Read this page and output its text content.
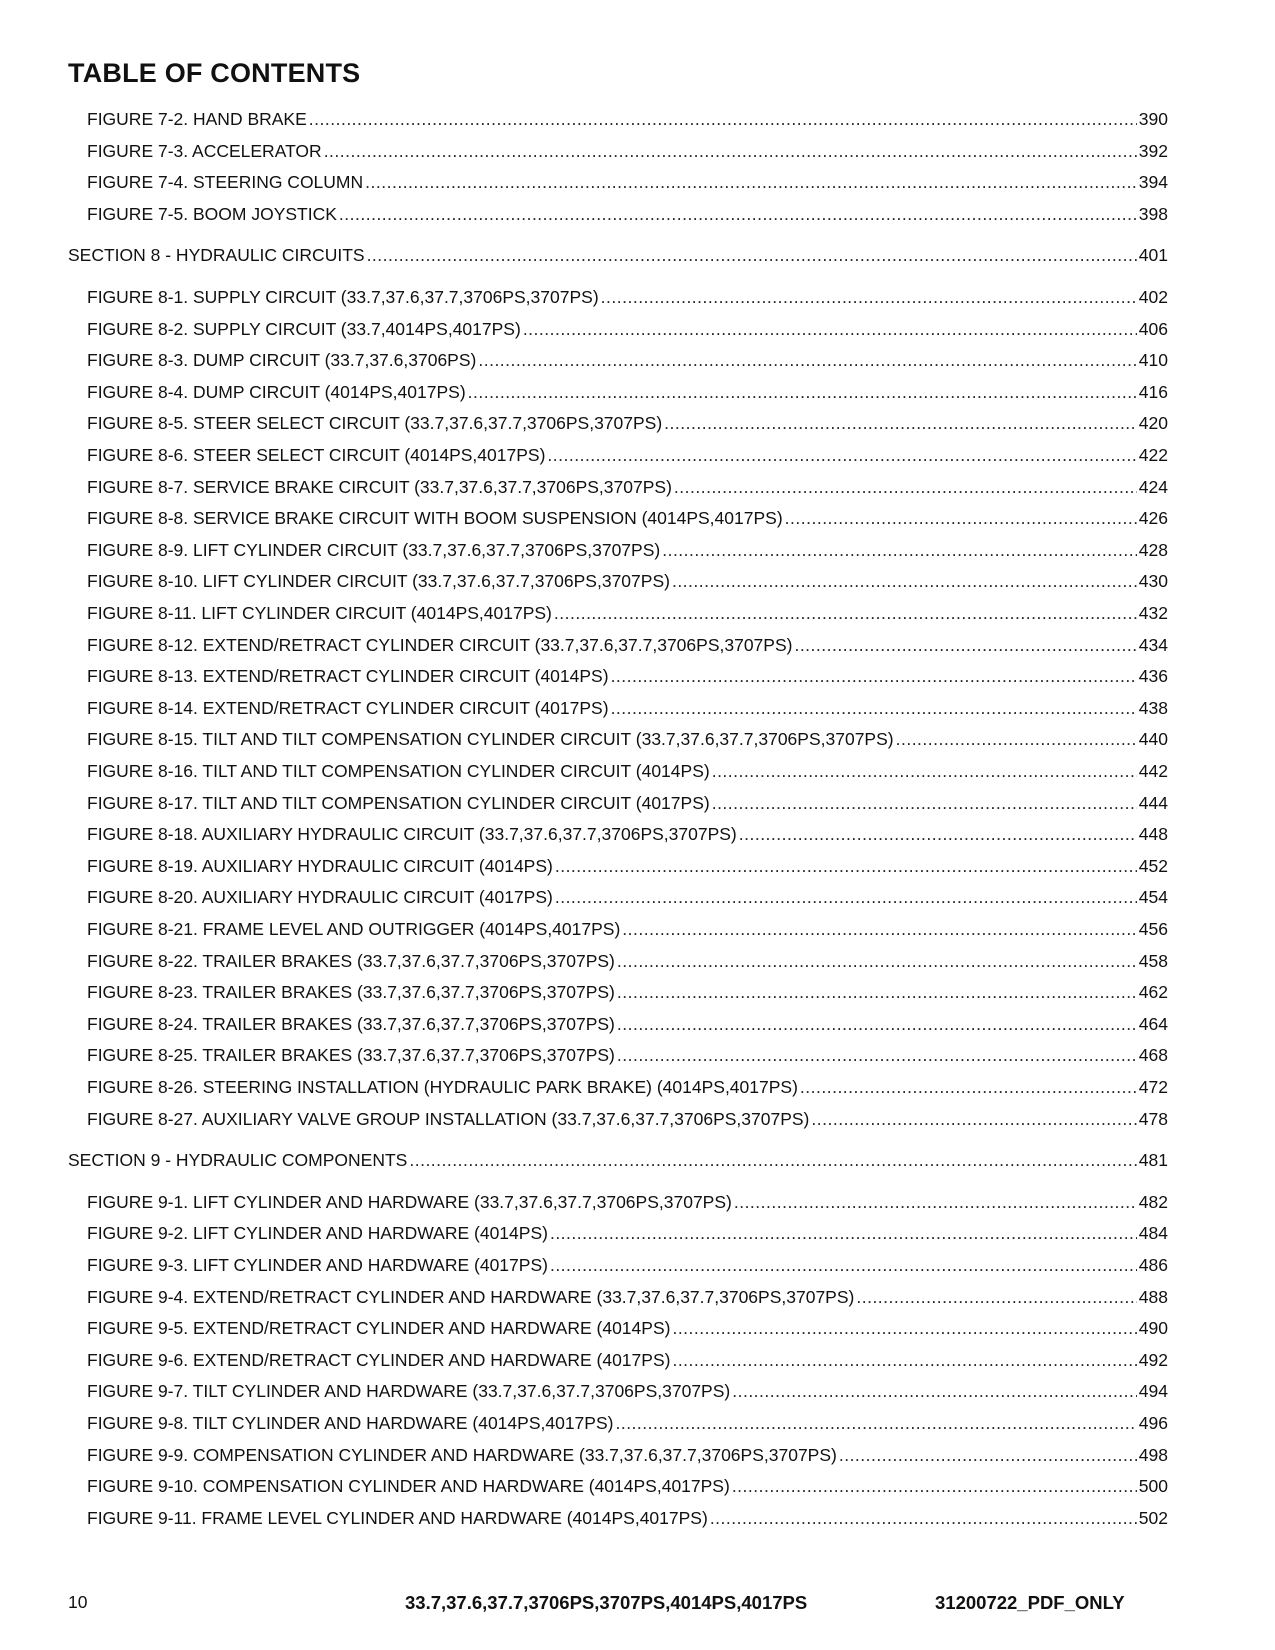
TABLE OF CONTENTS
FIGURE 7-2. HAND BRAKE .....	390
FIGURE 7-3. ACCELERATOR .....	392
FIGURE 7-4. STEERING COLUMN .....	394
FIGURE 7-5. BOOM JOYSTICK .....	398
SECTION 8 - HYDRAULIC CIRCUITS .....	401
FIGURE 8-1. SUPPLY CIRCUIT (33.7,37.6,37.7,3706PS,3707PS) .....	402
FIGURE 8-2. SUPPLY CIRCUIT (33.7,4014PS,4017PS) .....	406
FIGURE 8-3. DUMP CIRCUIT (33.7,37.6,3706PS) .....	410
FIGURE 8-4. DUMP CIRCUIT (4014PS,4017PS) .....	416
FIGURE 8-5. STEER SELECT CIRCUIT (33.7,37.6,37.7,3706PS,3707PS) .....	420
FIGURE 8-6. STEER SELECT CIRCUIT (4014PS,4017PS) .....	422
FIGURE 8-7. SERVICE BRAKE CIRCUIT (33.7,37.6,37.7,3706PS,3707PS) .....	424
FIGURE 8-8. SERVICE BRAKE CIRCUIT WITH BOOM SUSPENSION (4014PS,4017PS) .....	426
FIGURE 8-9. LIFT CYLINDER CIRCUIT (33.7,37.6,37.7,3706PS,3707PS) .....	428
FIGURE 8-10. LIFT CYLINDER CIRCUIT (33.7,37.6,37.7,3706PS,3707PS) .....	430
FIGURE 8-11. LIFT CYLINDER CIRCUIT (4014PS,4017PS) .....	432
FIGURE 8-12. EXTEND/RETRACT CYLINDER CIRCUIT (33.7,37.6,37.7,3706PS,3707PS) .....	434
FIGURE 8-13. EXTEND/RETRACT CYLINDER CIRCUIT (4014PS) .....	436
FIGURE 8-14. EXTEND/RETRACT CYLINDER CIRCUIT (4017PS) .....	438
FIGURE 8-15. TILT AND TILT COMPENSATION CYLINDER CIRCUIT (33.7,37.6,37.7,3706PS,3707PS) .....	440
FIGURE 8-16. TILT AND TILT COMPENSATION CYLINDER CIRCUIT (4014PS) .....	442
FIGURE 8-17. TILT AND TILT COMPENSATION CYLINDER CIRCUIT (4017PS) .....	444
FIGURE 8-18. AUXILIARY HYDRAULIC CIRCUIT (33.7,37.6,37.7,3706PS,3707PS) .....	448
FIGURE 8-19. AUXILIARY HYDRAULIC CIRCUIT (4014PS) .....	452
FIGURE 8-20. AUXILIARY HYDRAULIC CIRCUIT (4017PS) .....	454
FIGURE 8-21. FRAME LEVEL AND OUTRIGGER (4014PS,4017PS) .....	456
FIGURE 8-22. TRAILER BRAKES (33.7,37.6,37.7,3706PS,3707PS) .....	458
FIGURE 8-23. TRAILER BRAKES (33.7,37.6,37.7,3706PS,3707PS) .....	462
FIGURE 8-24. TRAILER BRAKES (33.7,37.6,37.7,3706PS,3707PS) .....	464
FIGURE 8-25. TRAILER BRAKES (33.7,37.6,37.7,3706PS,3707PS) .....	468
FIGURE 8-26. STEERING INSTALLATION (HYDRAULIC PARK BRAKE) (4014PS,4017PS) .....	472
FIGURE 8-27. AUXILIARY VALVE GROUP INSTALLATION (33.7,37.6,37.7,3706PS,3707PS) .....	478
SECTION 9 - HYDRAULIC COMPONENTS .....	481
FIGURE 9-1. LIFT CYLINDER AND HARDWARE (33.7,37.6,37.7,3706PS,3707PS) .....	482
FIGURE 9-2. LIFT CYLINDER AND HARDWARE (4014PS) .....	484
FIGURE 9-3. LIFT CYLINDER AND HARDWARE (4017PS) .....	486
FIGURE 9-4. EXTEND/RETRACT CYLINDER AND HARDWARE (33.7,37.6,37.7,3706PS,3707PS) .....	488
FIGURE 9-5. EXTEND/RETRACT CYLINDER AND HARDWARE (4014PS) .....	490
FIGURE 9-6. EXTEND/RETRACT CYLINDER AND HARDWARE (4017PS) .....	492
FIGURE 9-7. TILT CYLINDER AND HARDWARE (33.7,37.6,37.7,3706PS,3707PS) .....	494
FIGURE 9-8. TILT CYLINDER AND HARDWARE (4014PS,4017PS) .....	496
FIGURE 9-9. COMPENSATION CYLINDER AND HARDWARE (33.7,37.6,37.7,3706PS,3707PS) .....	498
FIGURE 9-10. COMPENSATION CYLINDER AND HARDWARE (4014PS,4017PS) .....	500
FIGURE 9-11. FRAME LEVEL CYLINDER AND HARDWARE (4014PS,4017PS) .....	502
10	33.7,37.6,37.7,3706PS,3707PS,4014PS,4017PS	31200722_PDF_ONLY
